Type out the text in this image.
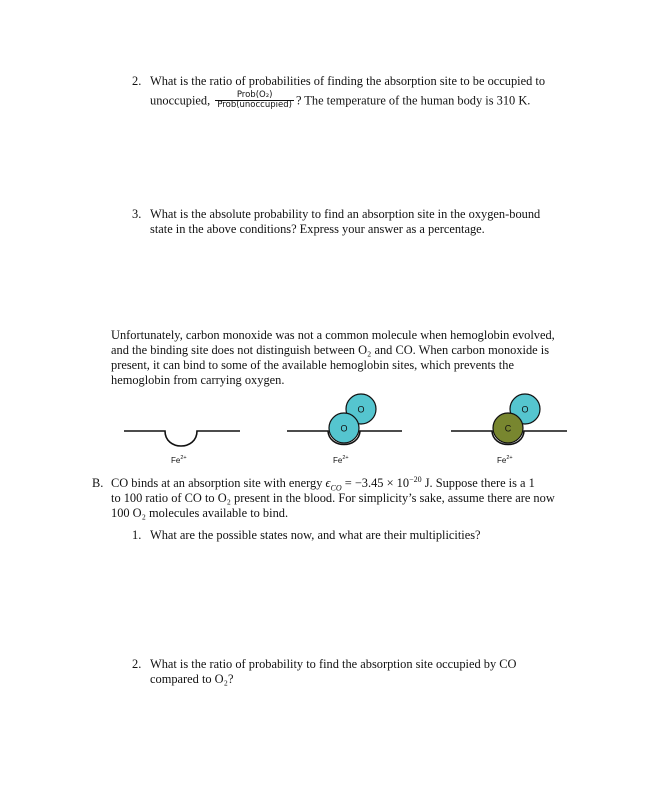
2. What is the ratio of probabilities of finding the absorption site to be occupied to
unoccupied, $\frac{\text{Prob(O₂)}}{\text{Prob(unoccupied)}}$ ? The temperature of the human body is 310 K.
3. What is the absolute probability to find an absorption site in the oxygen-bound
state in the above conditions? Express your answer as a percentage.
Unfortunately, carbon monoxide was not a common molecule when hemoglobin evolved,
and the binding site does not distinguish between O₂ and CO. When carbon monoxide is
present, it can bind to some of the available hemoglobin sites, which prevents the
hemoglobin from carrying oxygen.
O
O
O
C
$Fe^{2+}$	$Fe^{2+}$	$Fe^{2+}$
B. CO binds at an absorption site with energy $\epsilon_{CO} = -3.45 \times 10^{-20}$ J. Suppose there is a 1
to 100 ratio of CO to O₂ present in the blood. For simplicity’s sake, assume there are now
100 O₂ molecules available to bind.
1. What are the possible states now, and what are their multiplicities?
2. What is the ratio of probability to find the absorption site occupied by CO
compared to O₂?
